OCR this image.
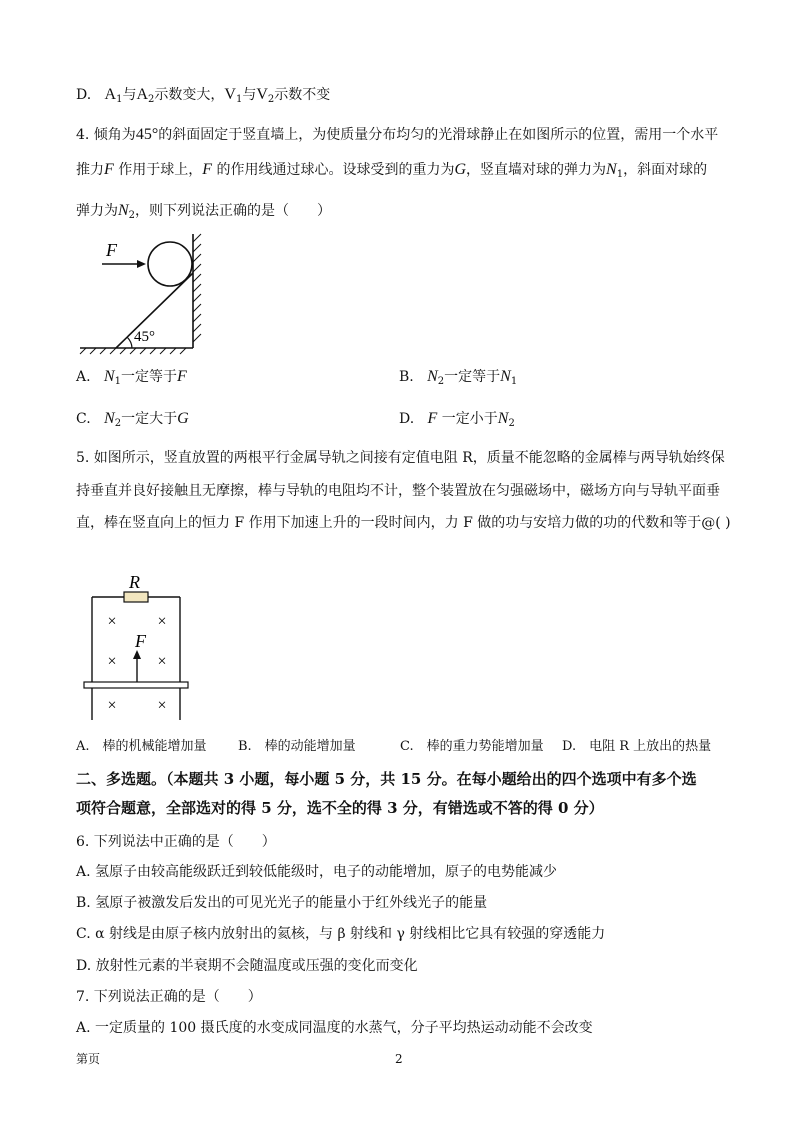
D. $A_1$与$A_2$示数变大，$V_1$与$V_2$示数不变
4. 倾角为45°的斜面固定于竖直墙上，为使质量分布均匀的光滑球静止在如图所示的位置，需用一个水平
推力F 作用于球上，F 的作用线通过球心。设球受到的重力为G，竖直墙对球的弹力为$N_1$，斜面对球的
弹力为$N_2$，则下列说法正确的是（　　）
F
45°
A. $N_1$一定等于F	B. $N_2$一定等于$N_1$
C. $N_2$一定大于G	D. F 一定小于$N_2$
5. 如图所示，竖直放置的两根平行金属导轨之间接有定值电阻 R，质量不能忽略的金属棒与两导轨始终保
持垂直并良好接触且无摩擦，棒与导轨的电阻均不计，整个装置放在匀强磁场中，磁场方向与导轨平面垂
直，棒在竖直向上的恒力 F 作用下加速上升的一段时间内，力 F 做的功与安培力做的功的代数和等于@( )
R
×	×
×	×
×	×
F
A.　棒的机械能增加量 B.　棒的动能增加量	C.　棒的重力势能增加量 D.　电阻 R 上放出的热量
二、多选题。（本题共 3 小题，每小题 5 分，共 15 分。在每小题给出的四个选项中有多个选
项符合题意，全部选对的得 5 分，选不全的得 3 分，有错选或不答的得 0 分）
6. 下列说法中正确的是（　　）
A. 氢原子由较高能级跃迁到较低能级时，电子的动能增加，原子的电势能减少
B. 氢原子被激发后发出的可见光光子的能量小于红外线光子的能量
C. α 射线是由原子核内放射出的氦核，与 β 射线和 γ 射线相比它具有较强的穿透能力
D. 放射性元素的半衰期不会随温度或压强的变化而变化
7. 下列说法正确的是（　　）
A. 一定质量的 100 摄氏度的水变成同温度的水蒸气，分子平均热运动动能不会改变
第页	2
